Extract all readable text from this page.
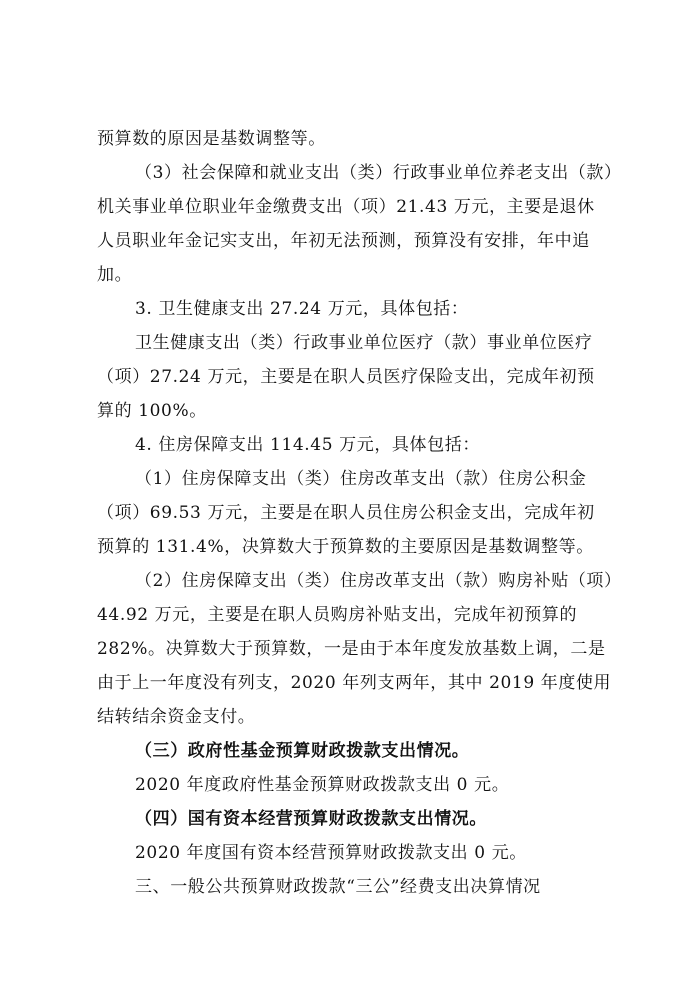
预算数的原因是基数调整等。
（3）社会保障和就业支出（类）行政事业单位养老支出（款）
机关事业单位职业年金缴费支出（项）21.43 万元，主要是退休
人员职业年金记实支出，年初无法预测，预算没有安排，年中追
加。
3. 卫生健康支出 27.24 万元，具体包括：
卫生健康支出（类）行政事业单位医疗（款）事业单位医疗
（项）27.24 万元，主要是在职人员医疗保险支出，完成年初预
算的 100%。
4. 住房保障支出 114.45 万元，具体包括：
（1）住房保障支出（类）住房改革支出（款）住房公积金
（项）69.53 万元，主要是在职人员住房公积金支出，完成年初
预算的 131.4%，决算数大于预算数的主要原因是基数调整等。
（2）住房保障支出（类）住房改革支出（款）购房补贴（项）
44.92 万元，主要是在职人员购房补贴支出，完成年初预算的
282%。决算数大于预算数，一是由于本年度发放基数上调，二是
由于上一年度没有列支，2020 年列支两年，其中 2019 年度使用
结转结余资金支付。
（三）政府性基金预算财政拨款支出情况。
2020 年度政府性基金预算财政拨款支出 0 元。
（四）国有资本经营预算财政拨款支出情况。
2020 年度国有资本经营预算财政拨款支出 0 元。
三、一般公共预算财政拨款“三公”经费支出决算情况
